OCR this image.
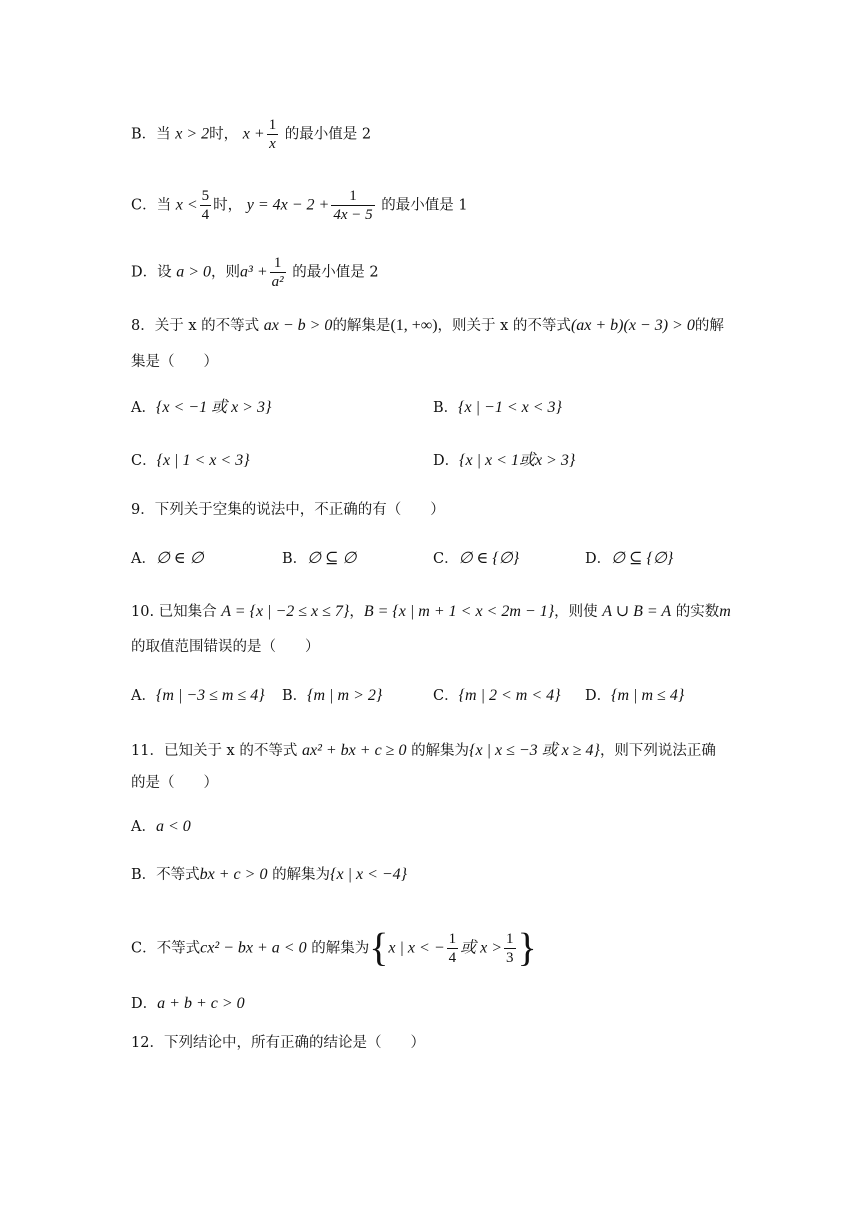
B．当 x > 2时， $x + \frac{1}{x}$ 的最小值是 2
C．当 $x < \frac{5}{4}$ 时， $y = 4x - 2 + \frac{1}{4x - 5}$ 的最小值是 1
D．设 a > 0，则$a^3 + \frac{1}{\text{a²}}$ 的最小值是 2
8．关于 x 的不等式 ax − b > 0的解集是(1, +∞)，则关于 x 的不等式(ax + b)(x − 3) > 0的解
集是（　　）
A．{x < −1 或 x > 3}	B．{x | −1 < x < 3}
C．{x | 1 < x < 3}	D．{x | x < 1或x > 3}
9．下列关于空集的说法中，不正确的有（　　）
A．∅ ∈ ∅	B．∅ ⊆ ∅	C．∅ ∈ {∅}	D．∅ ⊆ {∅}
10. 已知集合 A = {x | −2 ≤ x ≤ 7}，B = {x | m + 1 < x < 2m − 1}，则使 A ∪ B = A 的实数m
的取值范围错误的是（　　）
A．{m | −3 ≤ m ≤ 4} B．{m | m > 2}	C．{m | 2 < m < 4} D．{m | m ≤ 4}
11．已知关于 x 的不等式 ax² + bx + c ≥ 0 的解集为{x | x ≤ −3 或 x ≥ 4}，则下列说法正确
的是（　　）
A．a < 0
B．不等式bx + c > 0 的解集为{x | x < −4}
C．不等式cx² − bx + a < 0 的解集为{x | x < − $\frac{1}{4}$ 或 $x > \frac{1}{3}$ }
D．a + b + c > 0
12．下列结论中，所有正确的结论是（　　）
